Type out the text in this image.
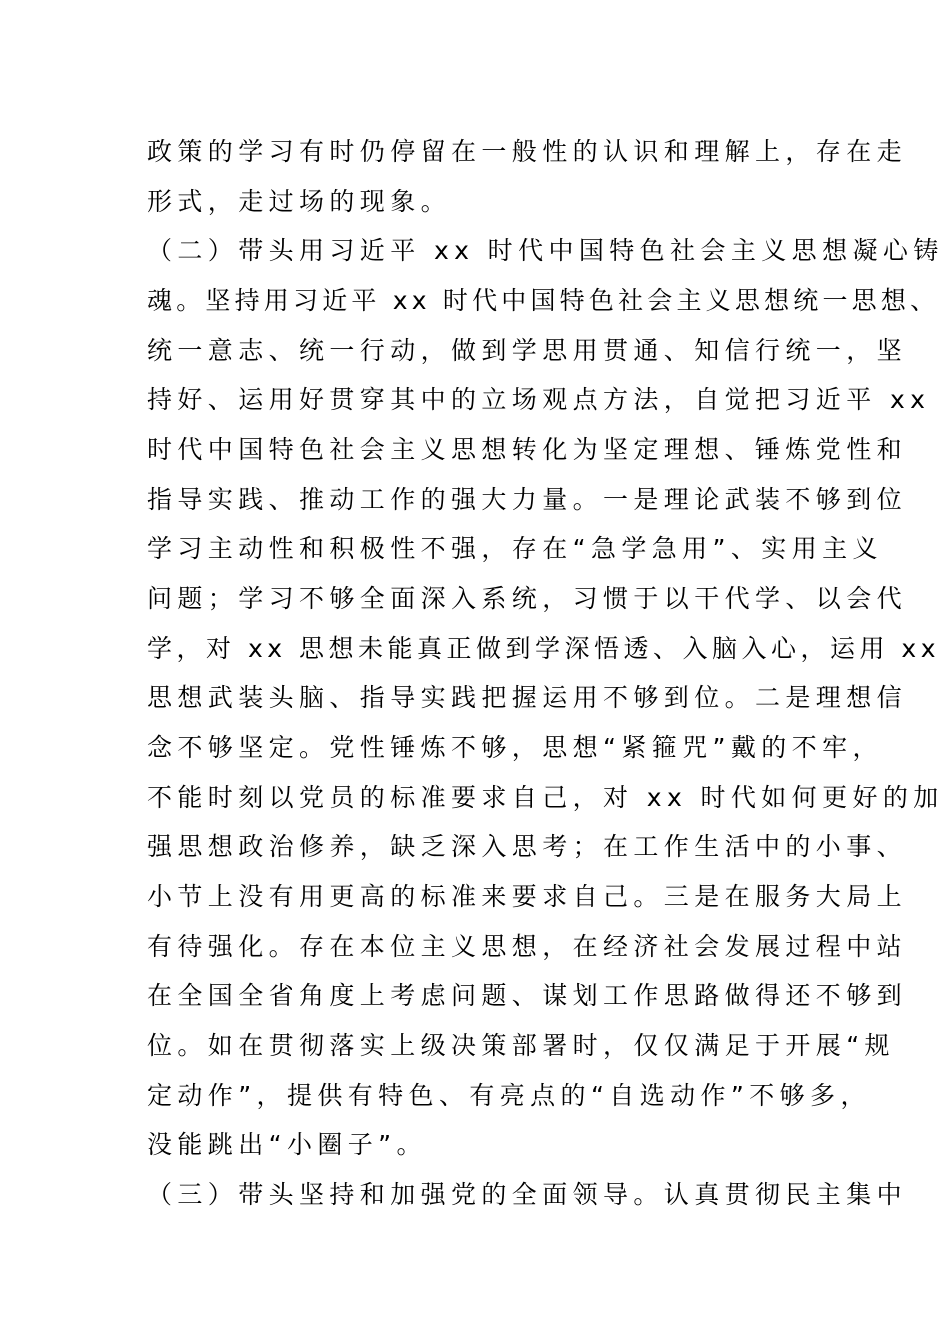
政策的学习有时仍停留在一般性的认识和理解上，存在走
形式，走过场的现象。
（二）带头用习近平 xx 时代中国特色社会主义思想凝心铸
魂。坚持用习近平 xx 时代中国特色社会主义思想统一思想、
统一意志、统一行动，做到学思用贯通、知信行统一，坚
持好、运用好贯穿其中的立场观点方法，自觉把习近平 xx
时代中国特色社会主义思想转化为坚定理想、锤炼党性和
指导实践、推动工作的强大力量。一是理论武装不够到位
学习主动性和积极性不强，存在“急学急用”、实用主义
问题；学习不够全面深入系统，习惯于以干代学、以会代
学，对 xx 思想未能真正做到学深悟透、入脑入心，运用 xx
思想武装头脑、指导实践把握运用不够到位。二是理想信
念不够坚定。党性锤炼不够，思想“紧箍咒”戴的不牢，
不能时刻以党员的标准要求自己，对 xx 时代如何更好的加
强思想政治修养，缺乏深入思考；在工作生活中的小事、
小节上没有用更高的标准来要求自己。三是在服务大局上
有待强化。存在本位主义思想，在经济社会发展过程中站
在全国全省角度上考虑问题、谋划工作思路做得还不够到
位。如在贯彻落实上级决策部署时，仅仅满足于开展“规
定动作”，提供有特色、有亮点的“自选动作”不够多，
没能跳出“小圈子”。
（三）带头坚持和加强党的全面领导。认真贯彻民主集中
